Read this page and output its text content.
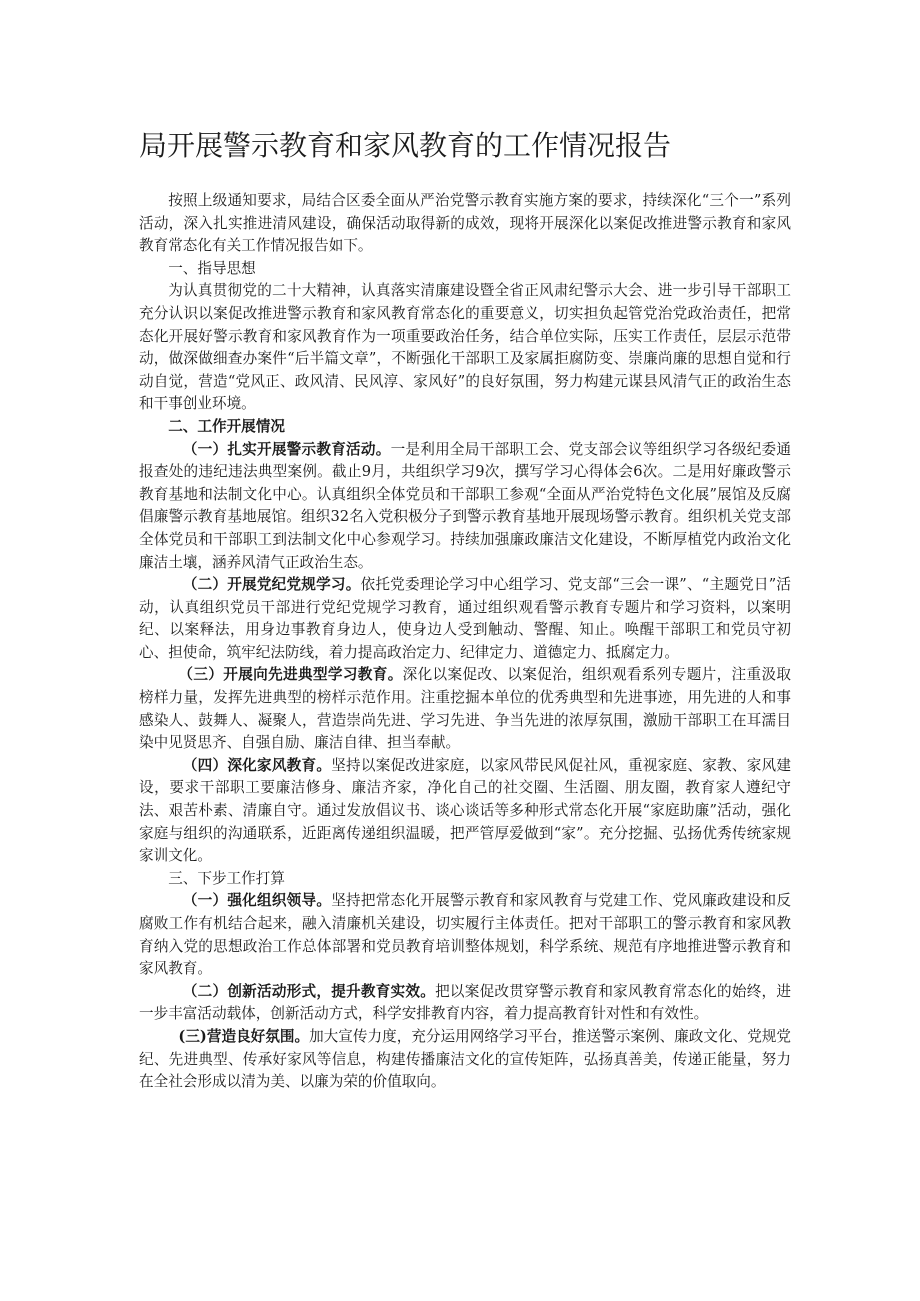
局开展警示教育和家风教育的工作情况报告

按照上级通知要求，局结合区委全面从严治党警示教育实施方案的要求，持续深化“三个一”系列活动，深入扎实推进清风建设，确保活动取得新的成效，现将开展深化以案促改推进警示教育和家风教育常态化有关工作情况报告如下。

一、指导思想

为认真贯彻党的二十大精神，认真落实清廉建设暨全省正风肃纪警示大会、进一步引导干部职工充分认识以案促改推进警示教育和家风教育常态化的重要意义，切实担负起管党治党政治责任，把常态化开展好警示教育和家风教育作为一项重要政治任务，结合单位实际，压实工作责任，层层示范带动，做深做细查办案件“后半篇文章”，不断强化干部职工及家属拒腐防变、崇廉尚廉的思想自觉和行动自觉，营造“党风正、政风清、民风淳、家风好”的良好氛围，努力构建元谋县风清气正的政治生态和干事创业环境。

二、工作开展情况

（一）扎实开展警示教育活动。一是利用全局干部职工会、党支部会议等组织学习各级纪委通报查处的违纪违法典型案例。截止9月，共组织学习9次，撰写学习心得体会6次。二是用好廉政警示教育基地和法制文化中心。认真组织全体党员和干部职工参观“全面从严治党特色文化展”展馆及反腐倡廉警示教育基地展馆。组织32名入党积极分子到警示教育基地开展现场警示教育。组织机关党支部全体党员和干部职工到法制文化中心参观学习。持续加强廉政廉洁文化建设，不断厚植党内政治文化廉洁土壤，涵养风清气正政治生态。

（二）开展党纪党规学习。依托党委理论学习中心组学习、党支部“三会一课”、“主题党日”活动，认真组织党员干部进行党纪党规学习教育，通过组织观看警示教育专题片和学习资料，以案明纪、以案释法，用身边事教育身边人，使身边人受到触动、警醒、知止。唤醒干部职工和党员守初心、担使命，筑牢纪法防线，着力提高政治定力、纪律定力、道德定力、抵腐定力。

（三）开展向先进典型学习教育。深化以案促改、以案促治，组织观看系列专题片，注重汲取榜样力量，发挥先进典型的榜样示范作用。注重挖掘本单位的优秀典型和先进事迹，用先进的人和事感染人、鼓舞人、凝聚人，营造崇尚先进、学习先进、争当先进的浓厚氛围，激励干部职工在耳濡目染中见贤思齐、自强自励、廉洁自律、担当奉献。

（四）深化家风教育。坚持以案促改进家庭，以家风带民风促社风，重视家庭、家教、家风建设，要求干部职工要廉洁修身、廉洁齐家，净化自己的社交圈、生活圈、朋友圈，教育家人遵纪守法、艰苦朴素、清廉自守。通过发放倡议书、谈心谈话等多种形式常态化开展“家庭助廉”活动，强化家庭与组织的沟通联系，近距离传递组织温暖，把严管厚爱做到“家”。充分挖掘、弘扬优秀传统家规家训文化。

三、下步工作打算

（一）强化组织领导。坚持把常态化开展警示教育和家风教育与党建工作、党风廉政建设和反腐败工作有机结合起来，融入清廉机关建设，切实履行主体责任。把对干部职工的警示教育和家风教育纳入党的思想政治工作总体部署和党员教育培训整体规划，科学系统、规范有序地推进警示教育和家风教育。

（二）创新活动形式，提升教育实效。把以案促改贯穿警示教育和家风教育常态化的始终，进一步丰富活动载体，创新活动方式，科学安排教育内容，着力提高教育针对性和有效性。

(三)营造良好氛围。加大宣传力度，充分运用网络学习平台，推送警示案例、廉政文化、党规党纪、先进典型、传承好家风等信息，构建传播廉洁文化的宣传矩阵，弘扬真善美，传递正能量，努力在全社会形成以清为美、以廉为荣的价值取向。
